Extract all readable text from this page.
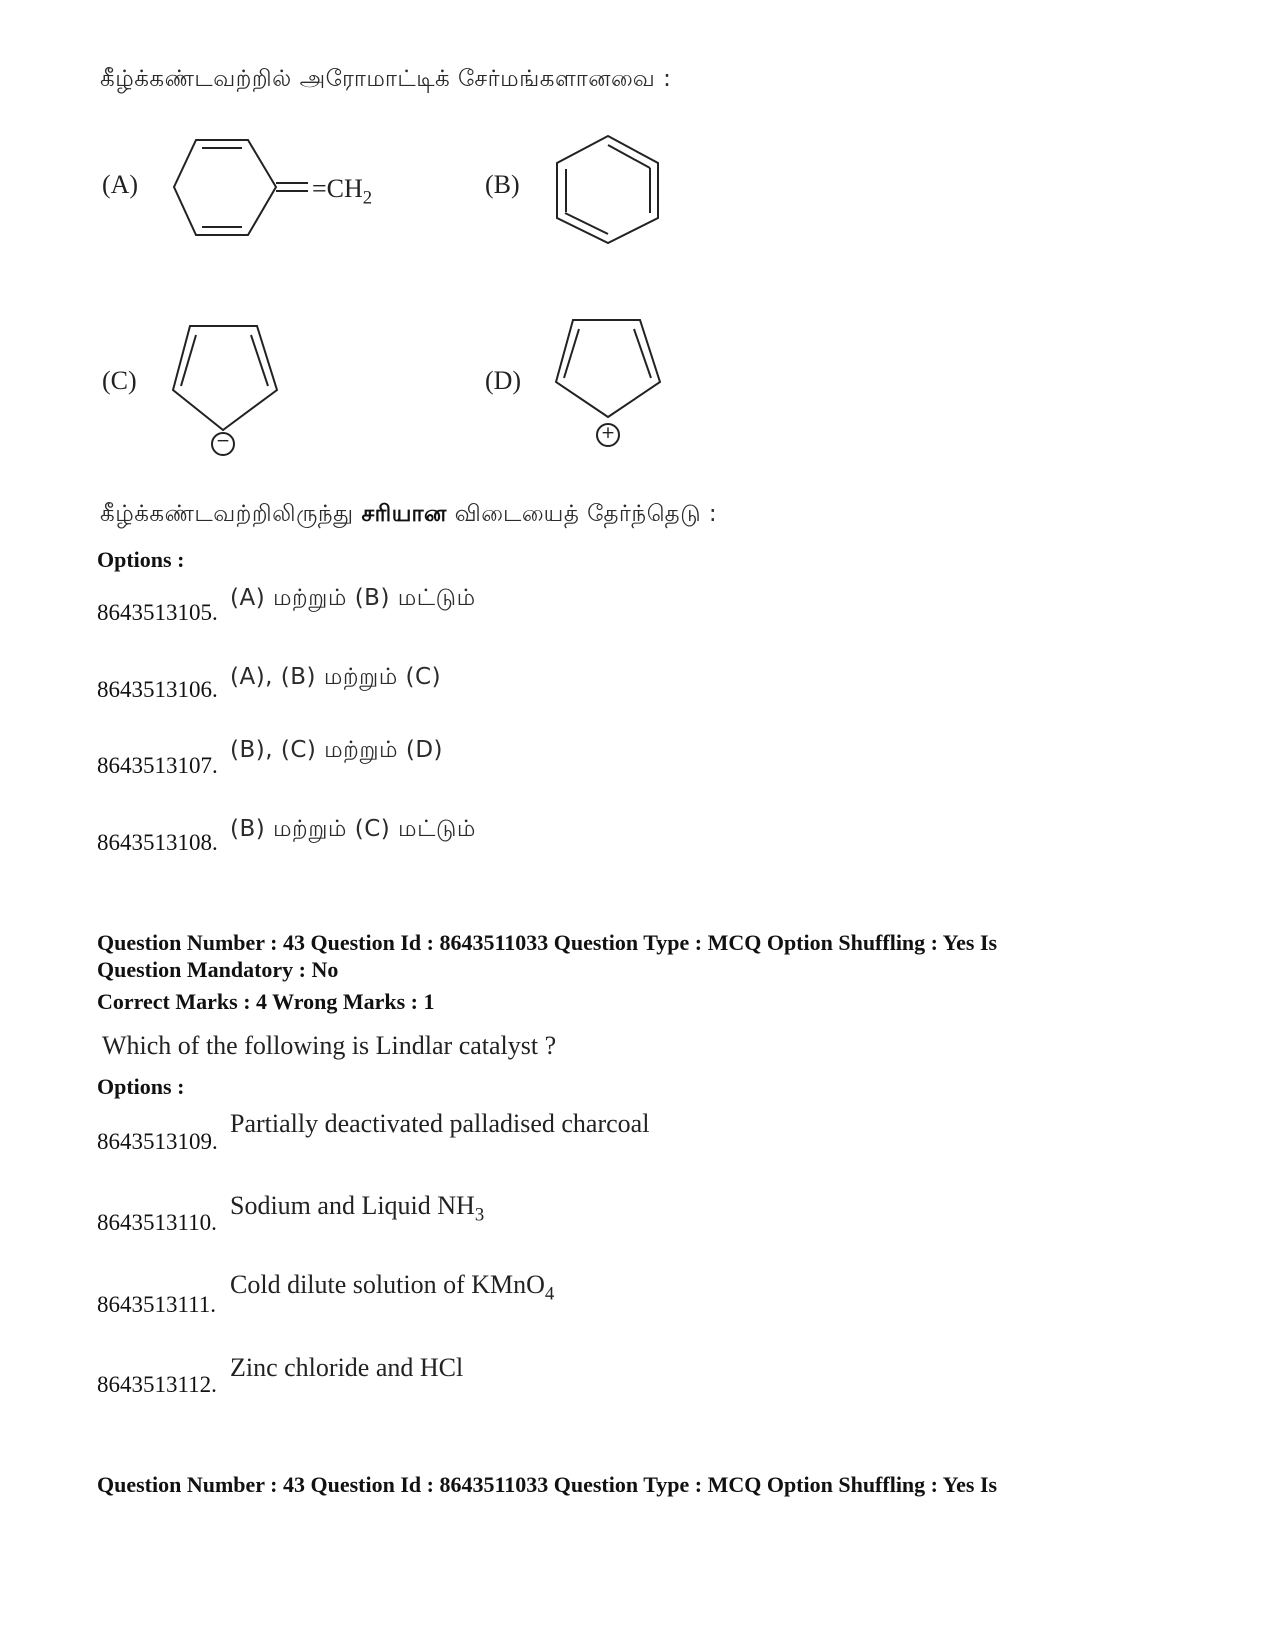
கீழ்க்கண்டவற்றில் அரோமாட்டிக் சேர்மங்களானவை :
(A)	$=CH_2$	(B)
(C)
−
(D)
+
கீழ்க்கண்டவற்றிலிருந்து சரியான விடையைத் தேர்ந்தெடு :
Options :
8643513105.
(A) மற்றும் (B) மட்டும்
8643513106. (A), (B) மற்றும் (C)
8643513107.
(B), (C) மற்றும் (D)
8643513108.
(B) மற்றும் (C) மட்டும்
Question Number : 43 Question Id : 8643511033 Question Type : MCQ Option Shuffling : Yes Is
Question Mandatory : No
Correct Marks : 4 Wrong Marks : 1
Which of the following is Lindlar catalyst ?
Options :
8643513109.
Partially deactivated palladised charcoal
8643513110.
Sodium and Liquid $NH_3$
8643513111.
Cold dilute solution of KMnO$_4$
8643513112.
Zinc chloride and HCl
Question Number : 43 Question Id : 8643511033 Question Type : MCQ Option Shuffling : Yes Is
